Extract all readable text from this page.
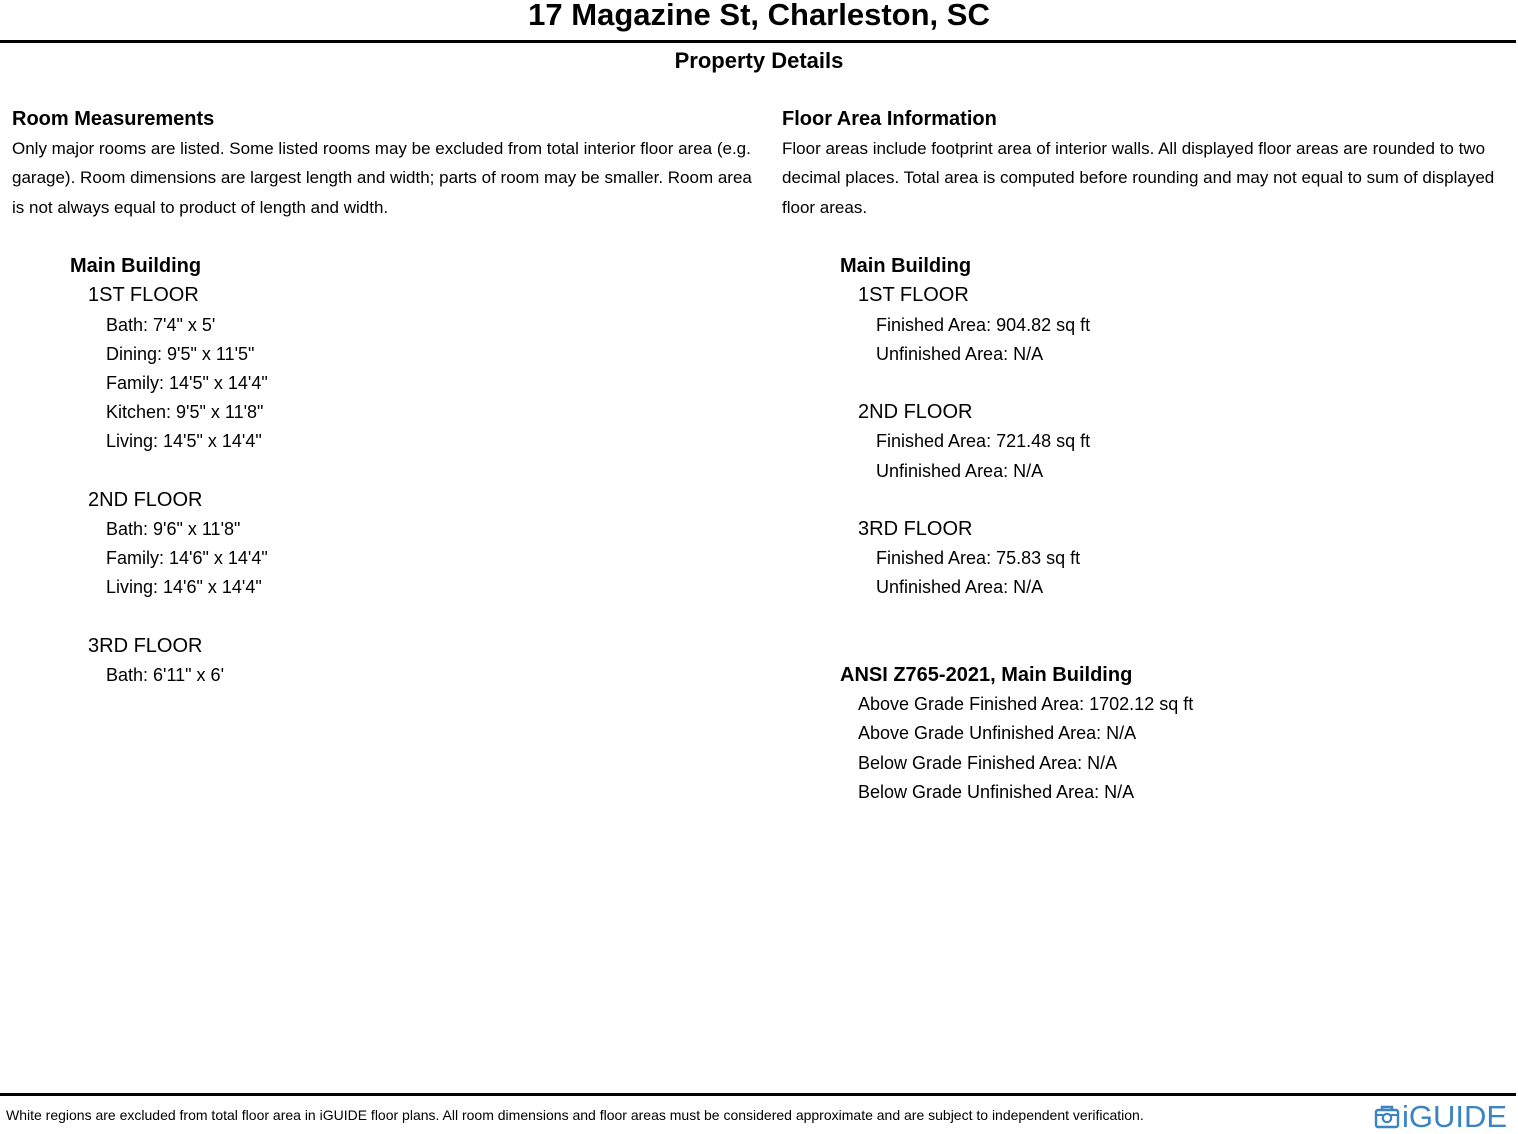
17 Magazine St, Charleston, SC
Property Details
Room Measurements

Only major rooms are listed. Some listed rooms may be excluded from total interior floor area (e.g. garage). Room dimensions are largest length and width; parts of room may be smaller. Room area is not always equal to product of length and width.

Main Building
1ST FLOOR
Bath: 7'4" x 5'
Dining: 9'5" x 11'5"
Family: 14'5" x 14'4"
Kitchen: 9'5" x 11'8"
Living: 14'5" x 14'4"
2ND FLOOR
Bath: 9'6" x 11'8"
Family: 14'6" x 14'4"
Living: 14'6" x 14'4"
3RD FLOOR
Bath: 6'11" x 6'
Floor Area Information

Floor areas include footprint area of interior walls. All displayed floor areas are rounded to two decimal places. Total area is computed before rounding and may not equal to sum of displayed floor areas.

Main Building
1ST FLOOR
Finished Area: 904.82 sq ft
Unfinished Area: N/A
2ND FLOOR
Finished Area: 721.48 sq ft
Unfinished Area: N/A
3RD FLOOR
Finished Area: 75.83 sq ft
Unfinished Area: N/A
ANSI Z765-2021, Main Building
Above Grade Finished Area: 1702.12 sq ft
Above Grade Unfinished Area: N/A
Below Grade Finished Area: N/A
Below Grade Unfinished Area: N/A
White regions are excluded from total floor area in iGUIDE floor plans. All room dimensions and floor areas must be considered approximate and are subject to independent verification.	iGUIDE
